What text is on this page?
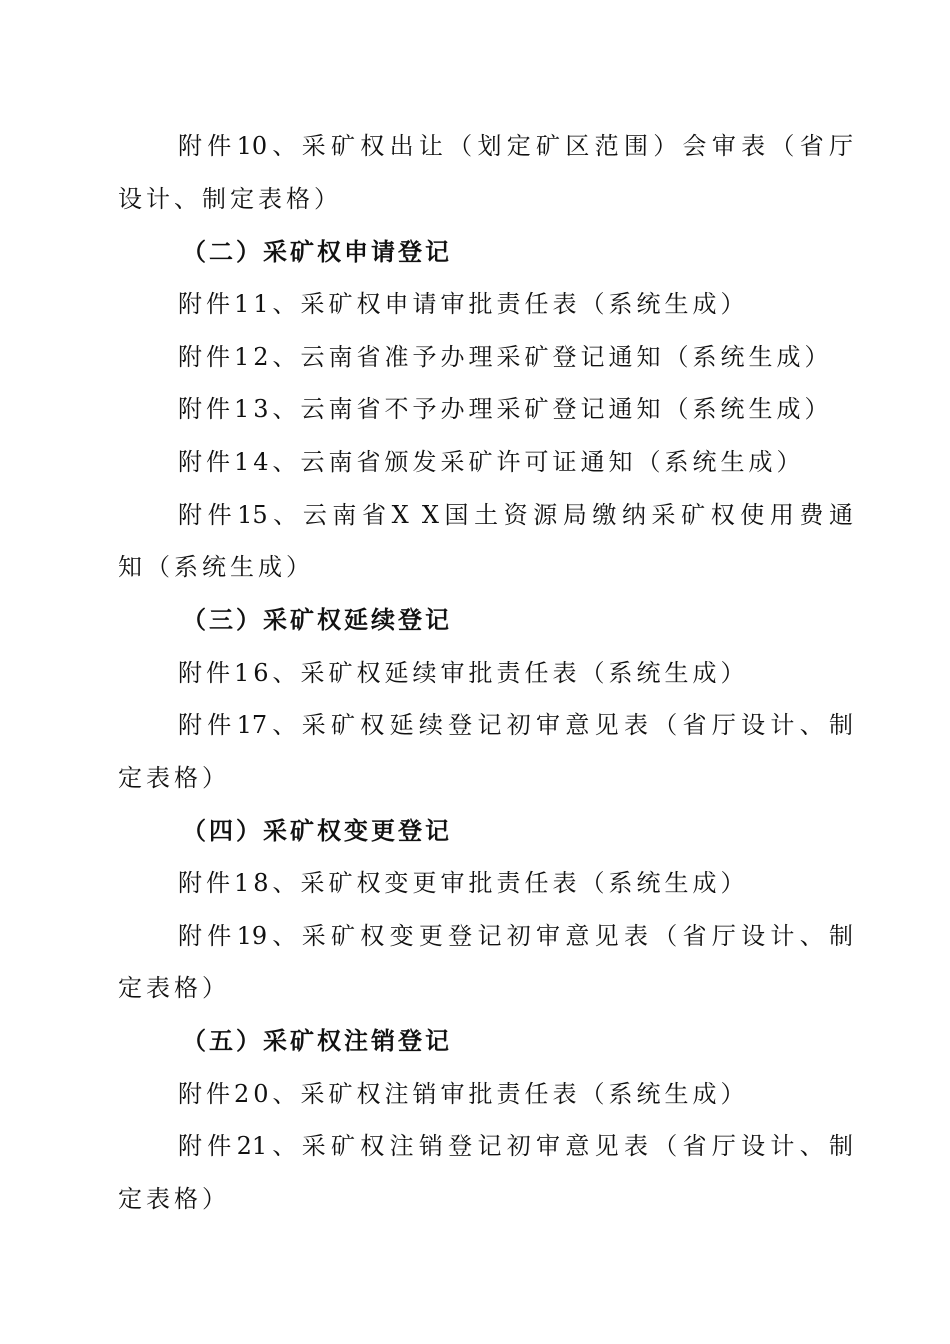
附件10、采矿权出让（划定矿区范围）会审表（省厅
设计、制定表格）
（二）采矿权申请登记
附件11、采矿权申请审批责任表（系统生成）
附件12、云南省准予办理采矿登记通知（系统生成）
附件13、云南省不予办理采矿登记通知（系统生成）
附件14、云南省颁发采矿许可证通知（系统生成）
附件15、云南省X X国土资源局缴纳采矿权使用费通
知（系统生成）
（三）采矿权延续登记
附件16、采矿权延续审批责任表（系统生成）
附件17、采矿权延续登记初审意见表（省厅设计、制
定表格）
（四）采矿权变更登记
附件18、采矿权变更审批责任表（系统生成）
附件19、采矿权变更登记初审意见表（省厅设计、制
定表格）
（五）采矿权注销登记
附件20、采矿权注销审批责任表（系统生成）
附件21、采矿权注销登记初审意见表（省厅设计、制
定表格）
